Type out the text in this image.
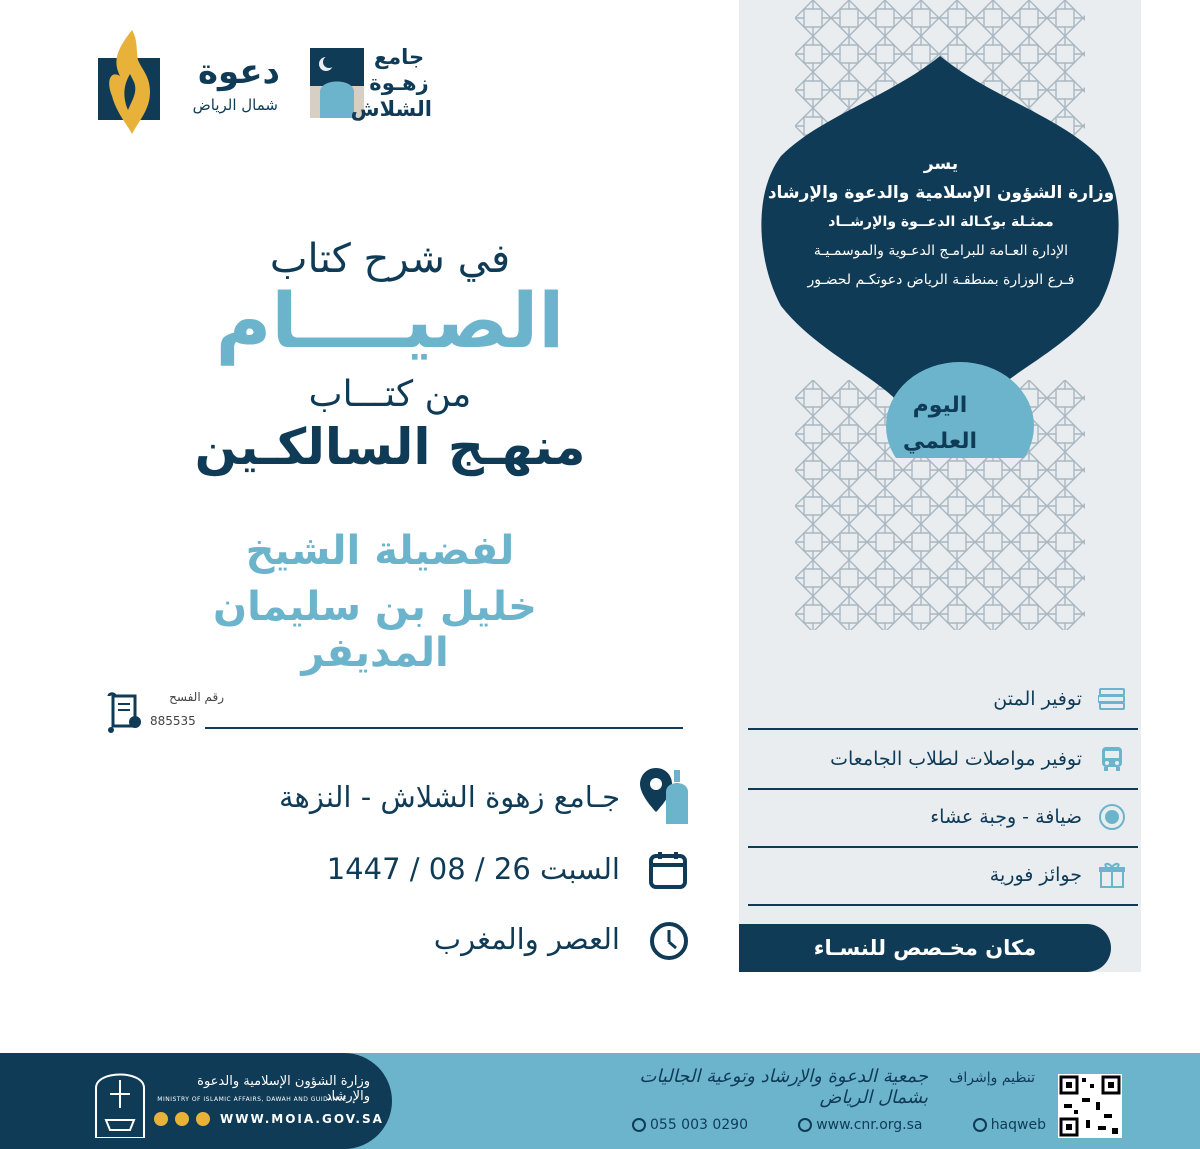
يسر
وزارة الشؤون الإسلامية والدعوة والإرشاد
ممثـلة بوكـالة الدعــوة والإرشــاد
الإدارة العـامة للبرامـج الدعـوية والموسمـيـة
فـرع الوزارة بمنطقـة الرياض دعوتكـم لحضـور
اليوم
العلمي
توفير المتن
توفير مواصلات لطلاب الجامعات
ضيافة - وجبة عشاء
جوائز فورية
مكان مخـصص للنسـاء
دعوة
شمال الرياض
جامع
زهـوة
الشلاش
في شرح كتاب
الصيــــام
من كتـــاب
منهـج السالكـين
لفضيلة الشيخ
خليل بن سليمان المديفر
رقم الفسح
885535
جـامع زهوة الشلاش - النزهة
السبت 26 / 08 / 1447
العصر والمغرب
وزارة الشؤون الإسلامية والدعوة والإرشاد
MINISTRY OF ISLAMIC AFFAIRS, DAWAH AND GUIDANCE
WWW.MOIA.GOV.SA
جمعية الدعوة والإرشاد وتوعية الجاليات بشمال الرياض
تنظيم وإشراف
055 003 0290	www.cnr.org.sa	haqweb
